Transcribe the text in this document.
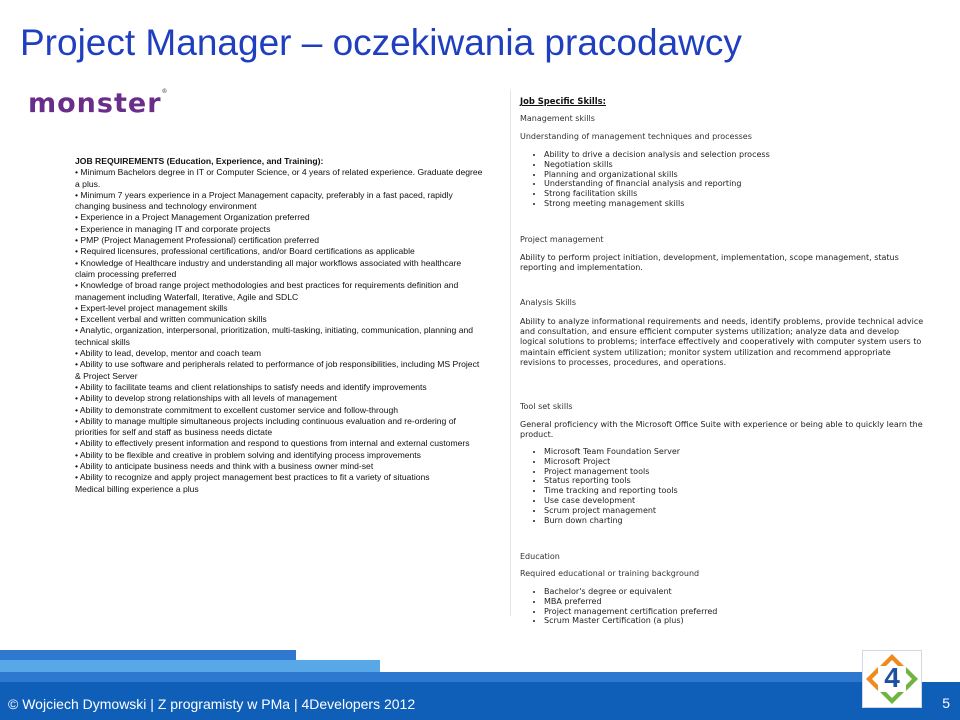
Project Manager – oczekiwania pracodawcy
monster®
JOB REQUIREMENTS (Education, Experience, and Training):
• Minimum Bachelors degree in IT or Computer Science, or 4 years of related experience. Graduate degree a plus.
• Minimum 7 years experience in a Project Management capacity, preferably in a fast paced, rapidly changing business and technology environment
• Experience in a Project Management Organization preferred
• Experience in managing IT and corporate projects
• PMP (Project Management Professional) certification preferred
• Required licensures, professional certifications, and/or Board certifications as applicable
• Knowledge of Healthcare industry and understanding all major workflows associated with healthcare claim processing preferred
• Knowledge of broad range project methodologies and best practices for requirements definition and management including Waterfall, Iterative, Agile and SDLC
• Expert-level project management skills
• Excellent verbal and written communication skills
• Analytic, organization, interpersonal, prioritization, multi-tasking, initiating, communication, planning and technical skills
• Ability to lead, develop, mentor and coach team
• Ability to use software and peripherals related to performance of job responsibilities, including MS Project & Project Server
• Ability to facilitate teams and client relationships to satisfy needs and identify improvements
• Ability to develop strong relationships with all levels of management
• Ability to demonstrate commitment to excellent customer service and follow-through
• Ability to manage multiple simultaneous projects including continuous evaluation and re-ordering of priorities for self and staff as business needs dictate
• Ability to effectively present information and respond to questions from internal and external customers
• Ability to be flexible and creative in problem solving and identifying process improvements
• Ability to anticipate business needs and think with a business owner mind-set
• Ability to recognize and apply project management best practices to fit a variety of situations
Medical billing experience a plus
Job Specific Skills:
Management skills
Understanding of management techniques and processes
• Ability to drive a decision analysis and selection process
• Negotiation skills
• Planning and organizational skills
• Understanding of financial analysis and reporting
• Strong facilitation skills
• Strong meeting management skills
Project management
Ability to perform project initiation, development, implementation, scope management, status reporting and implementation.
Analysis Skills
Ability to analyze informational requirements and needs, identify problems, provide technical advice and consultation, and ensure efficient computer systems utilization; analyze data and develop logical solutions to problems; interface effectively and cooperatively with computer system users to maintain efficient system utilization; monitor system utilization and recommend appropriate revisions to processes, procedures, and operations.
Tool set skills
General proficiency with the Microsoft Office Suite with experience or being able to quickly learn the product.
• Microsoft Team Foundation Server
• Microsoft Project
• Project management tools
• Status reporting tools
• Time tracking and reporting tools
• Use case development
• Scrum project management
• Burn down charting
Education
Required educational or training background
• Bachelor's degree or equivalent
• MBA preferred
• Project management certification preferred
• Scrum Master Certification (a plus)
© Wojciech Dymowski | Z programisty w PMa | 4Developers 2012	5
4
